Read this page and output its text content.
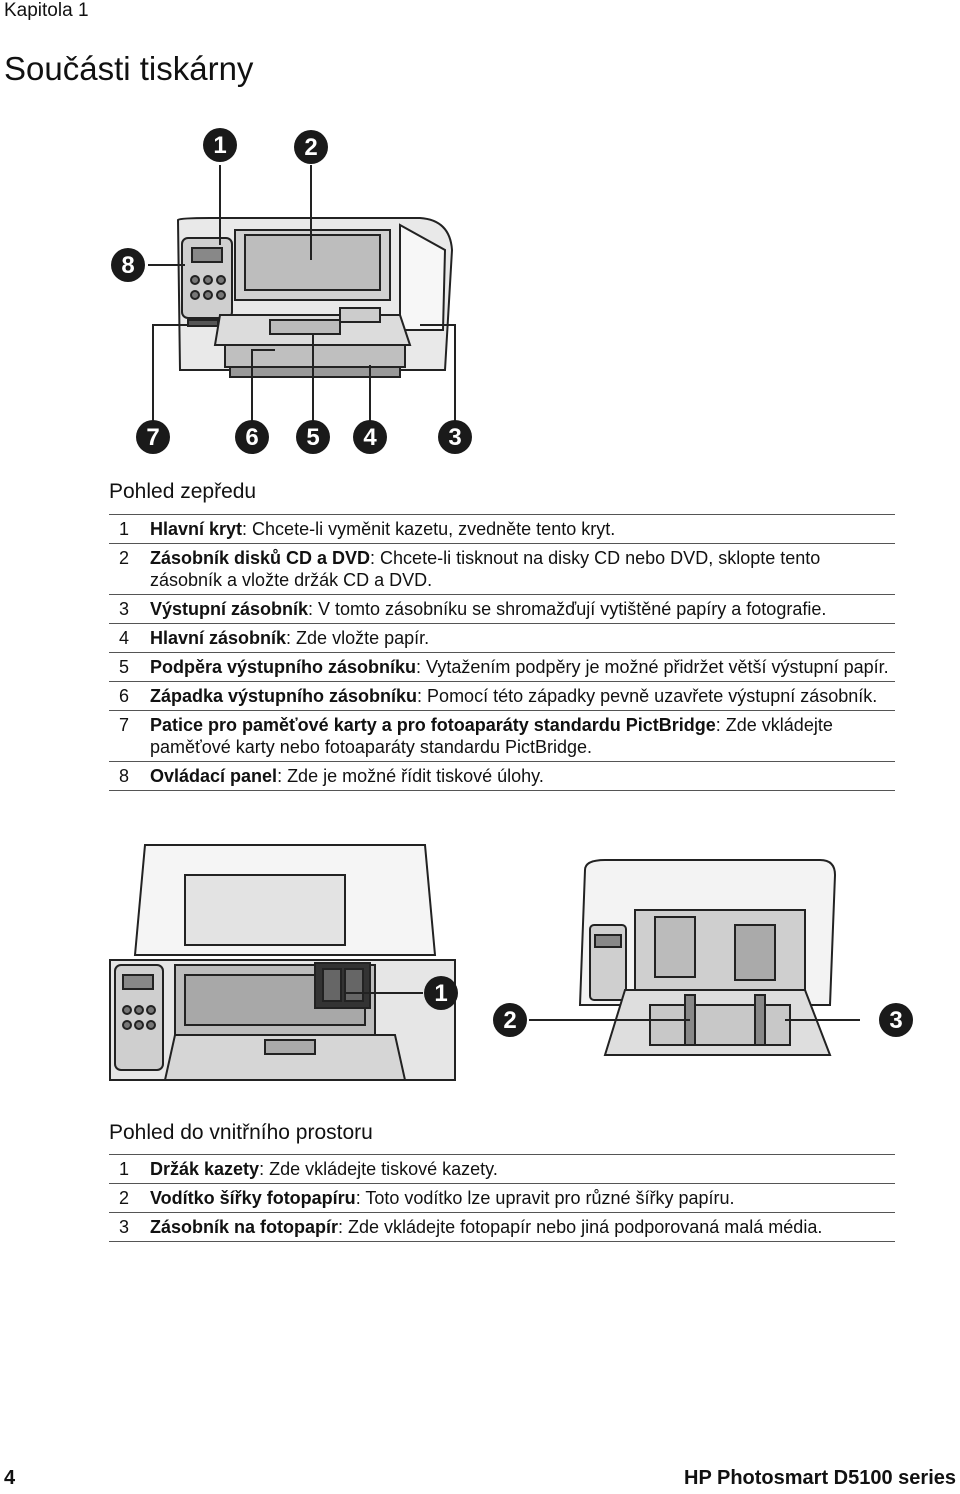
Kapitola 1
Součásti tiskárny
1	2
3
4
5
6
7
8
Pohled zepředu
1	Hlavní kryt: Chcete-li vyměnit kazetu, zvedněte tento kryt.
2	Zásobník disků CD a DVD: Chcete-li tisknout na disky CD nebo DVD, sklopte tento zásobník a vložte držák CD a DVD.
3	Výstupní zásobník: V tomto zásobníku se shromažďují vytištěné papíry a fotografie.
4	Hlavní zásobník: Zde vložte papír.
5	Podpěra výstupního zásobníku: Vytažením podpěry je možné přidržet větší výstupní papír.
6	Západka výstupního zásobníku: Pomocí této západky pevně uzavřete výstupní zásobník.
7	Patice pro paměťové karty a pro fotoaparáty standardu PictBridge: Zde vkládejte paměťové karty nebo fotoaparáty standardu PictBridge.
8	Ovládací panel: Zde je možné řídit tiskové úlohy.
1
2	3
Pohled do vnitřního prostoru
1	Držák kazety: Zde vkládejte tiskové kazety.
2	Vodítko šířky fotopapíru: Toto vodítko lze upravit pro různé šířky papíru.
3	Zásobník na fotopapír: Zde vkládejte fotopapír nebo jiná podporovaná malá média.
4	HP Photosmart D5100 series
